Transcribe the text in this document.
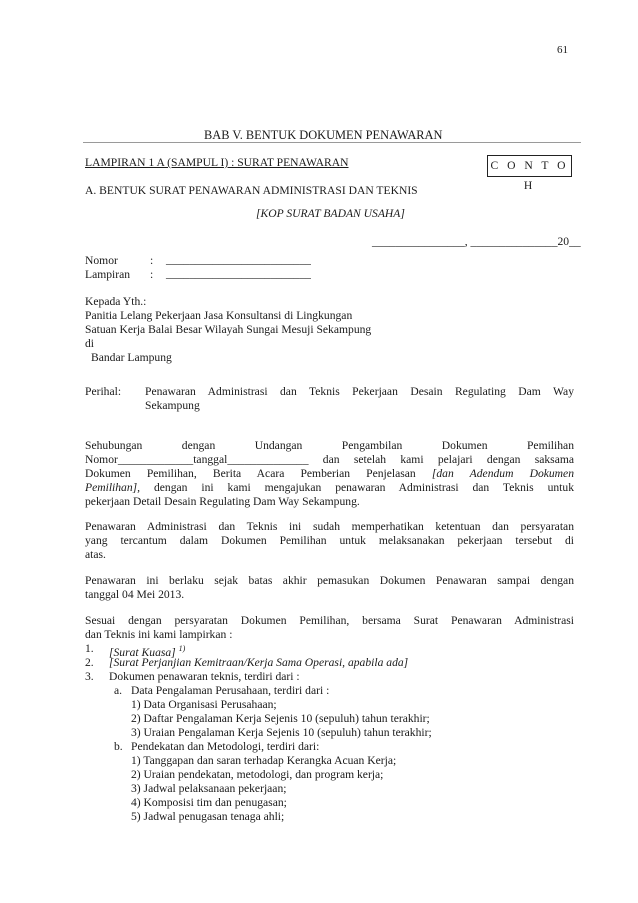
61
BAB V. BENTUK DOKUMEN PENAWARAN
LAMPIRAN 1 A (SAMPUL I) : SURAT PENAWARAN	C O N T O H
A. BENTUK SURAT PENAWARAN ADMINISTRASI DAN TEKNIS
[KOP SURAT BADAN USAHA]
________________, _______________20__
Nomor	: _________________________
Lampiran : _________________________
Kepada Yth.:
Panitia Lelang Pekerjaan Jasa Konsultansi di Lingkungan
Satuan Kerja Balai Besar Wilayah Sungai Mesuji Sekampung
di
Bandar Lampung
Perihal: Penawaran Administrasi dan Teknis Pekerjaan Desain Regulating Dam Way
Sekampung
Sehubungan dengan Undangan Pengambilan Dokumen Pemilihan
Nomor_____________tanggal______________ dan setelah kami pelajari dengan saksama
Dokumen Pemilihan, Berita Acara Pemberian Penjelasan [dan Adendum Dokumen
Pemilihan], dengan ini kami mengajukan penawaran Administrasi dan Teknis untuk
pekerjaan Detail Desain Regulating Dam Way Sekampung.
Penawaran Administrasi dan Teknis ini sudah memperhatikan ketentuan dan persyaratan
yang tercantum dalam Dokumen Pemilihan untuk melaksanakan pekerjaan tersebut di
atas.
Penawaran ini berlaku sejak batas akhir pemasukan Dokumen Penawaran sampai dengan
tanggal 04 Mei 2013.
Sesuai dengan persyaratan Dokumen Pemilihan, bersama Surat Penawaran Administrasi
dan Teknis ini kami lampirkan :
1. [Surat Kuasa] $^{1)}$
2. [Surat Perjanjian Kemitraan/Kerja Sama Operasi, apabila ada]
3. Dokumen penawaran teknis, terdiri dari :
a. Data Pengalaman Perusahaan, terdiri dari :
1) Data Organisasi Perusahaan;
2) Daftar Pengalaman Kerja Sejenis 10 (sepuluh) tahun terakhir;
3) Uraian Pengalaman Kerja Sejenis 10 (sepuluh) tahun terakhir;
b. Pendekatan dan Metodologi, terdiri dari:
1) Tanggapan dan saran terhadap Kerangka Acuan Kerja;
2) Uraian pendekatan, metodologi, dan program kerja;
3) Jadwal pelaksanaan pekerjaan;
4) Komposisi tim dan penugasan;
5) Jadwal penugasan tenaga ahli;
